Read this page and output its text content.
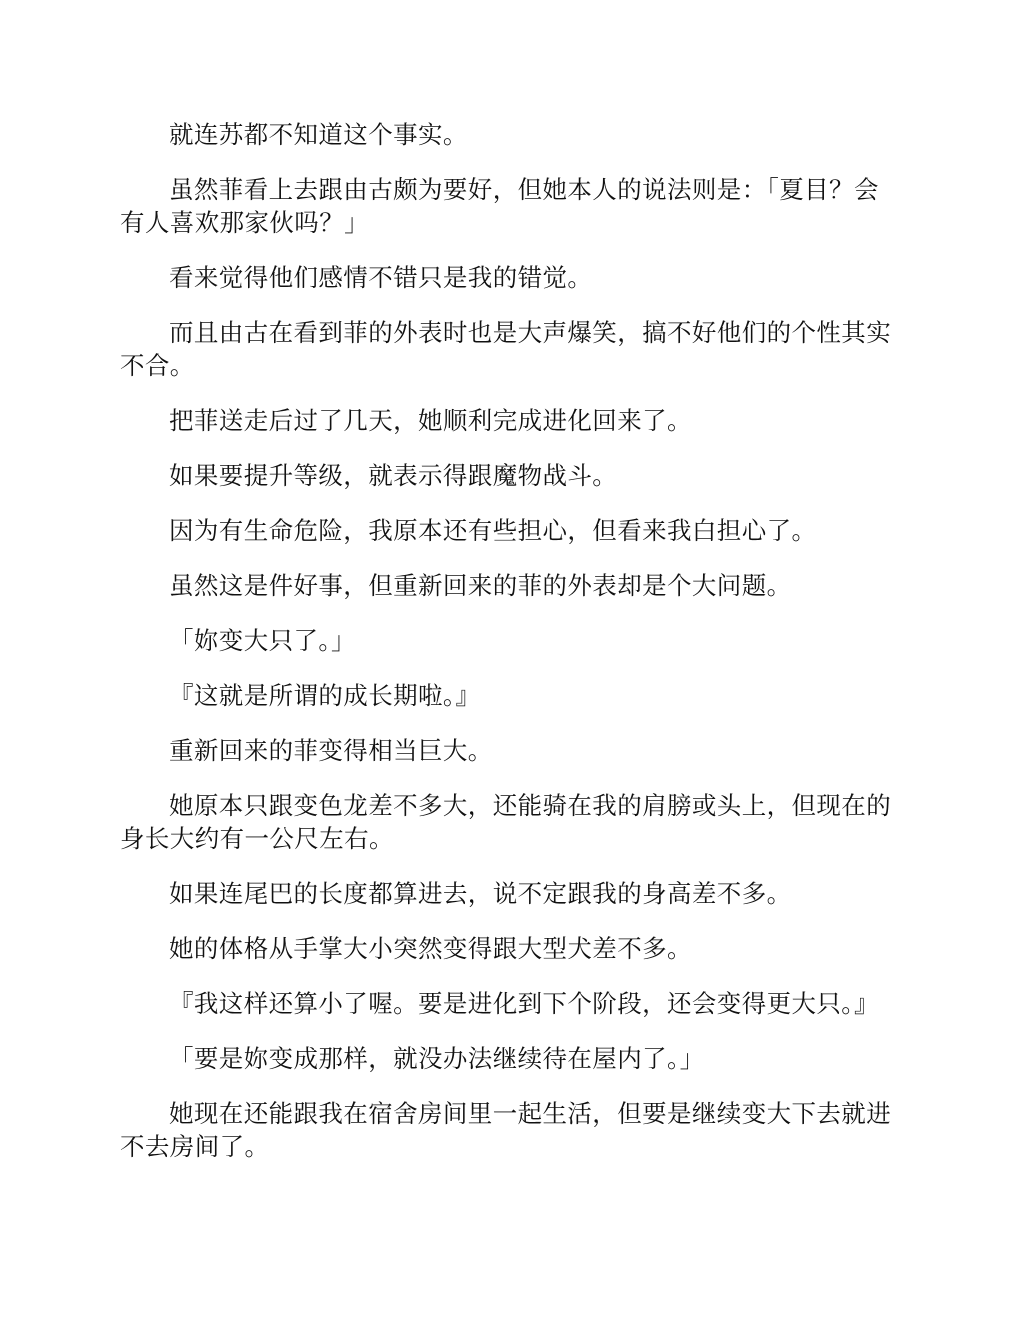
就连苏都不知道这个事实。

虽然菲看上去跟由古颇为要好，但她本人的说法则是：「夏目？会有人喜欢那家伙吗？」

看来觉得他们感情不错只是我的错觉。

而且由古在看到菲的外表时也是大声爆笑，搞不好他们的个性其实不合。

把菲送走后过了几天，她顺利完成进化回来了。

如果要提升等级，就表示得跟魔物战斗。

因为有生命危险，我原本还有些担心，但看来我白担心了。

虽然这是件好事，但重新回来的菲的外表却是个大问题。

「妳变大只了。」

『这就是所谓的成长期啦。』

重新回来的菲变得相当巨大。

她原本只跟变色龙差不多大，还能骑在我的肩膀或头上，但现在的身长大约有一公尺左右。

如果连尾巴的长度都算进去，说不定跟我的身高差不多。

她的体格从手掌大小突然变得跟大型犬差不多。

『我这样还算小了喔。要是进化到下个阶段，还会变得更大只。』

「要是妳变成那样，就没办法继续待在屋内了。」

她现在还能跟我在宿舍房间里一起生活，但要是继续变大下去就进不去房间了。
